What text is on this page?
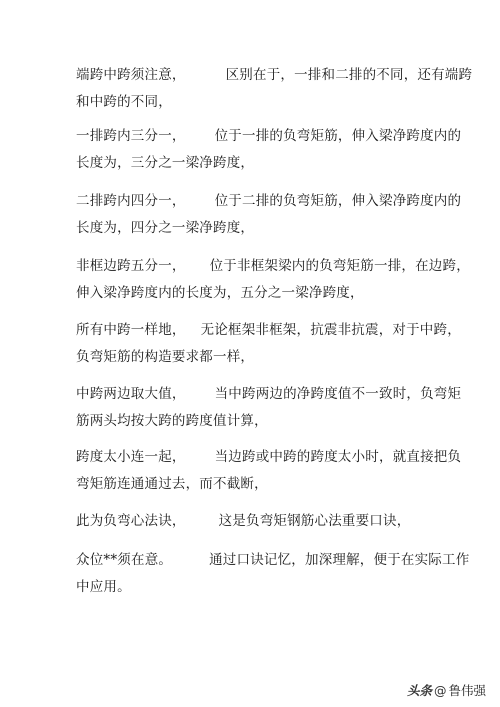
端跨中跨须注意，	区别在于，一排和二排的不同，还有端跨
和中跨的不同，
一排跨内三分一， 位于一排的负弯矩筋，伸入梁净跨度内的
长度为，三分之一梁净跨度，
二排跨内四分一， 位于二排的负弯矩筋，伸入梁净跨度内的
长度为，四分之一梁净跨度，
非框边跨五分一， 位于非框架梁内的负弯矩筋一排，在边跨，
伸入梁净跨度内的长度为，五分之一梁净跨度，
所有中跨一样地， 无论框架非框架，抗震非抗震，对于中跨，
负弯矩筋的构造要求都一样，
中跨两边取大值， 当中跨两边的净跨度值不一致时，负弯矩
筋两头均按大跨的跨度值计算，
跨度太小连一起， 当边跨或中跨的跨度太小时，就直接把负
弯矩筋连通通过去，而不截断，
此为负弯心法诀， 这是负弯矩钢筋心法重要口诀，
众位**须在意。	通过口诀记忆，加深理解，便于在实际工作
中应用。
头条 @ 鲁伟强
